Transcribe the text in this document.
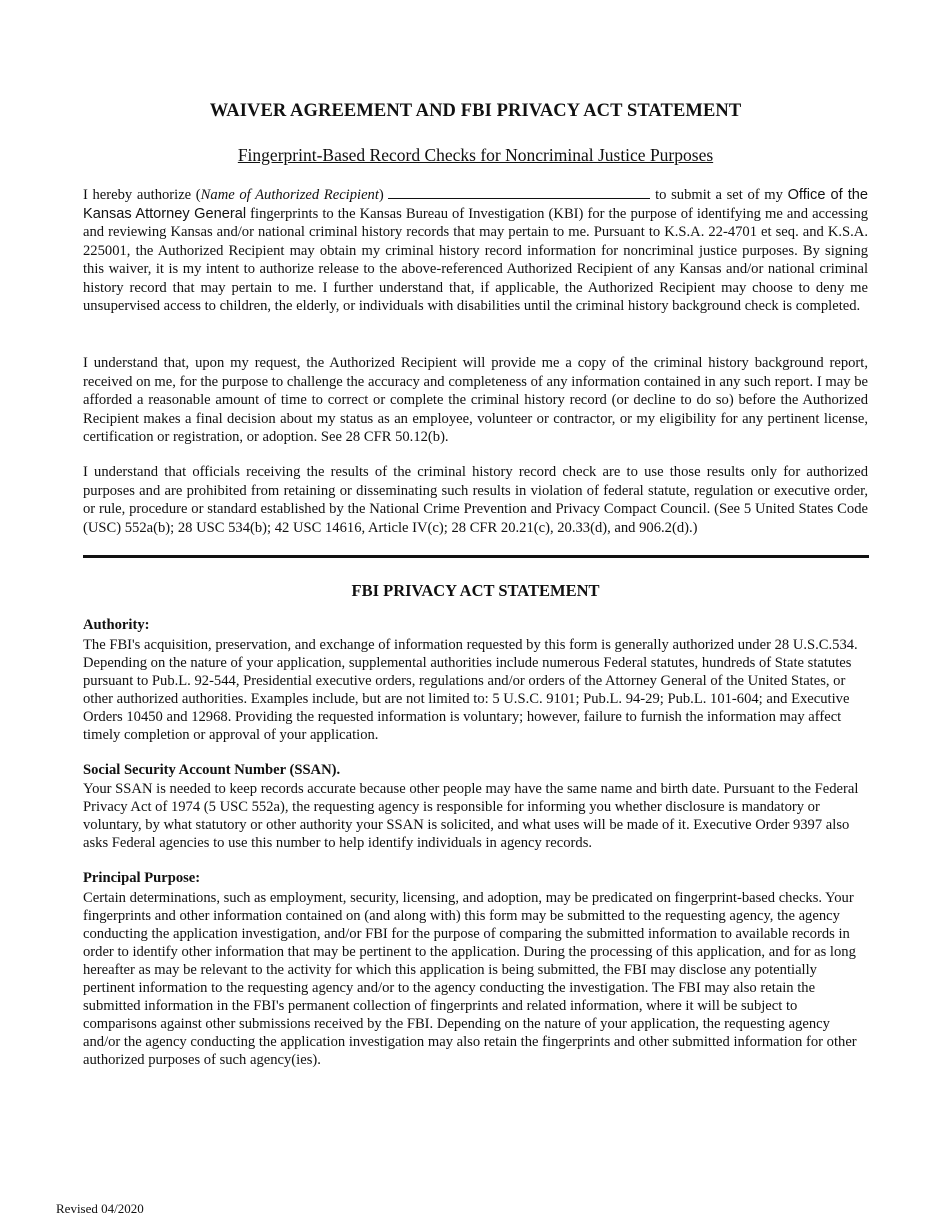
WAIVER AGREEMENT AND FBI PRIVACY ACT STATEMENT
Fingerprint-Based Record Checks for Noncriminal Justice Purposes

I hereby authorize (Name of Authorized Recipient)	to submit a set of my Office of the Kansas Attorney General fingerprints to the Kansas Bureau of Investigation (KBI) for the purpose of identifying me and accessing and reviewing Kansas and/or national criminal history records that may pertain to me. Pursuant to K.S.A. 22-4701 et seq. and K.S.A. 225001, the Authorized Recipient may obtain my criminal history record information for noncriminal justice purposes. By signing this waiver, it is my intent to authorize release to the above-referenced Authorized Recipient of any Kansas and/or national criminal history record that may pertain to me. I further understand that, if applicable, the Authorized Recipient may choose to deny me unsupervised access to children, the elderly, or individuals with disabilities until the criminal history background check is completed.

I understand that, upon my request, the Authorized Recipient will provide me a copy of the criminal history background report, received on me, for the purpose to challenge the accuracy and completeness of any information contained in any such report. I may be afforded a reasonable amount of time to correct or complete the criminal history record (or decline to do so) before the Authorized Recipient makes a final decision about my status as an employee, volunteer or contractor, or my eligibility for any pertinent license, certification or registration, or adoption. See 28 CFR 50.12(b).

I understand that officials receiving the results of the criminal history record check are to use those results only for authorized purposes and are prohibited from retaining or disseminating such results in violation of federal statute, regulation or executive order, or rule, procedure or standard established by the National Crime Prevention and Privacy Compact Council. (See 5 United States Code (USC) 552a(b); 28 USC 534(b); 42 USC 14616, Article IV(c); 28 CFR 20.21(c), 20.33(d), and 906.2(d).)

FBI PRIVACY ACT STATEMENT

Authority:

The FBI's acquisition, preservation, and exchange of information requested by this form is generally authorized under 28 U.S.C.534. Depending on the nature of your application, supplemental authorities include numerous Federal statutes, hundreds of State statutes pursuant to Pub.L. 92-544, Presidential executive orders, regulations and/or orders of the Attorney General of the United States, or other authorized authorities. Examples include, but are not limited to: 5 U.S.C. 9101; Pub.L. 94-29; Pub.L. 101-604; and Executive Orders 10450 and 12968. Providing the requested information is voluntary; however, failure to furnish the information may affect timely completion or approval of your application.

Social Security Account Number (SSAN).

Your SSAN is needed to keep records accurate because other people may have the same name and birth date. Pursuant to the Federal Privacy Act of 1974 (5 USC 552a), the requesting agency is responsible for informing you whether disclosure is mandatory or voluntary, by what statutory or other authority your SSAN is solicited, and what uses will be made of it. Executive Order 9397 also asks Federal agencies to use this number to help identify individuals in agency records.

Principal Purpose:

Certain determinations, such as employment, security, licensing, and adoption, may be predicated on fingerprint-based checks. Your fingerprints and other information contained on (and along with) this form may be submitted to the requesting agency, the agency conducting the application investigation, and/or FBI for the purpose of comparing the submitted information to available records in order to identify other information that may be pertinent to the application. During the processing of this application, and for as long hereafter as may be relevant to the activity for which this application is being submitted, the FBI may disclose any potentially pertinent information to the requesting agency and/or to the agency conducting the investigation. The FBI may also retain the submitted information in the FBI's permanent collection of fingerprints and related information, where it will be subject to comparisons against other submissions received by the FBI. Depending on the nature of your application, the requesting agency and/or the agency conducting the application investigation may also retain the fingerprints and other submitted information for other authorized purposes of such agency(ies).

Revised 04/2020
